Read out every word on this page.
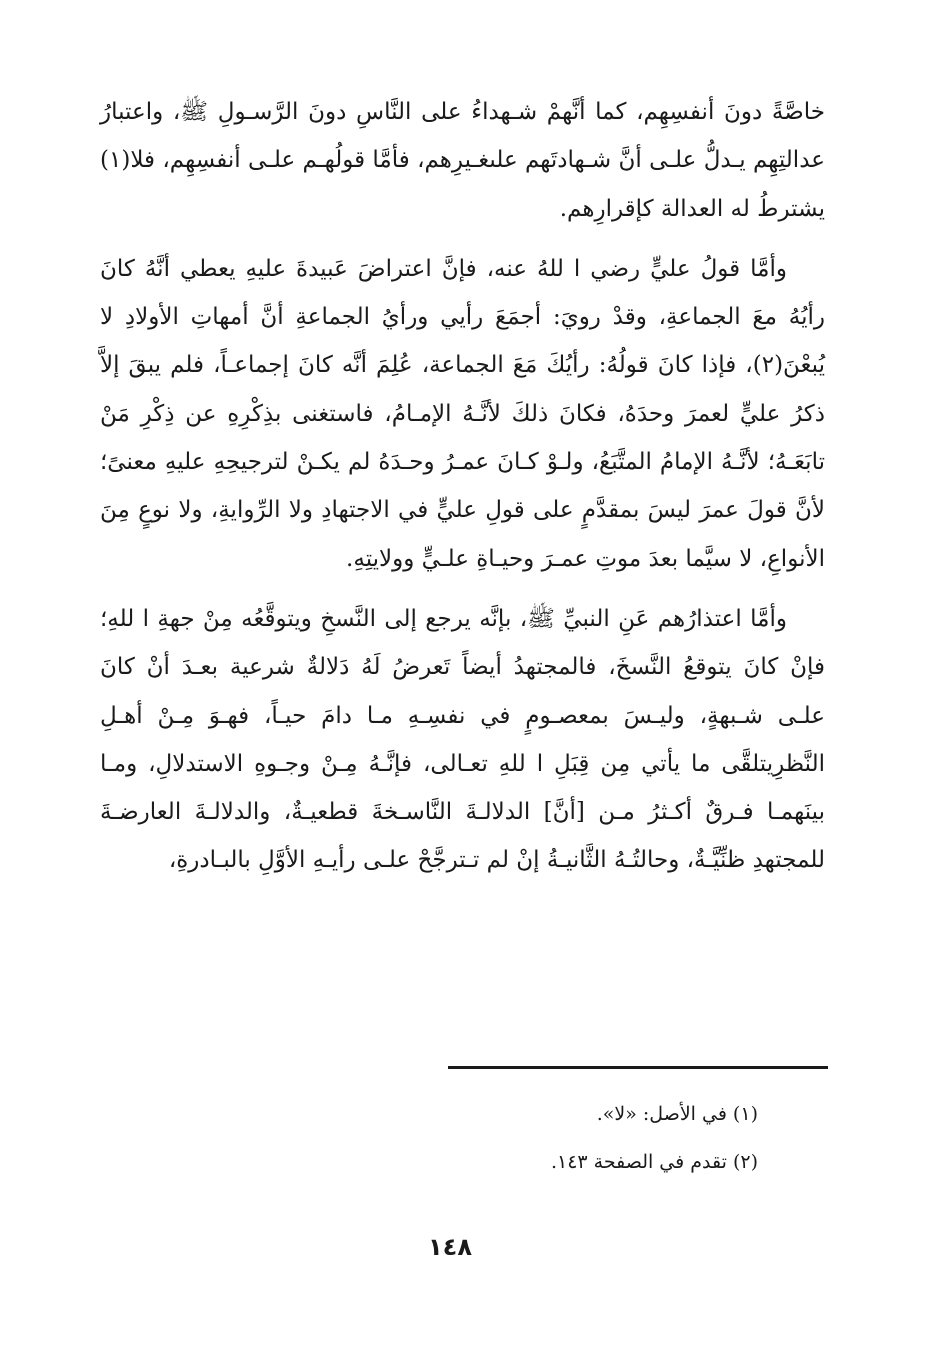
خاصَّةً دونَ أنفسِهِم، كما أنَّهمْ شـهداءُ على النَّاسِ دونَ الرَّسـولِ ﷺ، واعتبارُ عدالتِهِم يـدلُّ علـى أنَّ شـهادتَهم علىغـيرِهم، فأمَّا قولُهـم علـى أنفسِهِم، فلا(١) يشترطُ له العدالة كإقرارِهم.

وأمَّا قولُ عليٍّ رضي ا للهُ عنه، فإنَّ اعتراضَ عَبيدةَ عليهِ يعطي أنَّهُ كانَ رأيُهُ معَ الجماعةِ، وقدْ رويَ: أجمَعَ رأيي ورأيُ الجماعةِ أنَّ أمهاتِ الأولادِ لا يُبعْنَ(٢)، فإذا كانَ قولُهُ: رأيُكَ مَعَ الجماعة، عُلِمَ أنَّه كانَ إجماعـاً، فلم يبقَ إلاَّ ذكرُ عليٍّ لعمرَ وحدَهُ، فكانَ ذلكَ لأنَّـهُ الإمـامُ، فاستغنى بذِكْرِهِ عن ذِكْرِ مَنْ تابَعَـهُ؛ لأنَّـهُ الإمامُ المتَّبَعُ، ولـوْ كـانَ عمـرُ وحـدَهُ لم يكـنْ لترجيحِهِ عليهِ معنىً؛ لأنَّ قولَ عمرَ ليسَ بمقدَّمٍ على قولِ عليٍّ في الاجتهادِ ولا الرِّوايةِ، ولا نوعٍ مِنَ الأنواعِ، لا سيَّما بعدَ موتِ عمـرَ وحيـاةِ علـيٍّ وولايتِهِ.

وأمَّا اعتذارُهم عَنِ النبيِّ ﷺ، بإنَّه يرجع إلى النَّسخِ ويتوقَّعُه مِنْ جهةِ ا للهِ؛ فإنْ كانَ يتوقعُ النَّسخَ، فالمجتهدُ أيضاً تَعرضُ لَهُ دَلالةٌ شرعية بعـدَ أنْ كانَ علـى شـبهةٍ، وليـسَ بمعصـومٍ في نفسِـهِ مـا دامَ حيـاً، فهـوَ مِـنْ أهـلِ النَّظرِيتلقَّى ما يأتي مِن قِبَلِ ا للهِ تعـالى، فإنَّـهُ مِـنْ وجـوهِ الاستدلالِ، ومـا بينَهمـا فـرقٌ أكـثرُ مـن [أنَّ] الدلالـةَ النَّاسـخةَ قطعيـةٌ، والدلالـةَ العارضـةَ للمجتهدِ ظنِّيَّـةٌ، وحالتُـهُ الثَّانيـةُ إنْ لم تـترجَّحْ علـى رأيـهِ الأوَّلِ بالبـادرةِ،

(١) في الأصل: «لا».

(٢) تقدم في الصفحة ١٤٣.

١٤٨
